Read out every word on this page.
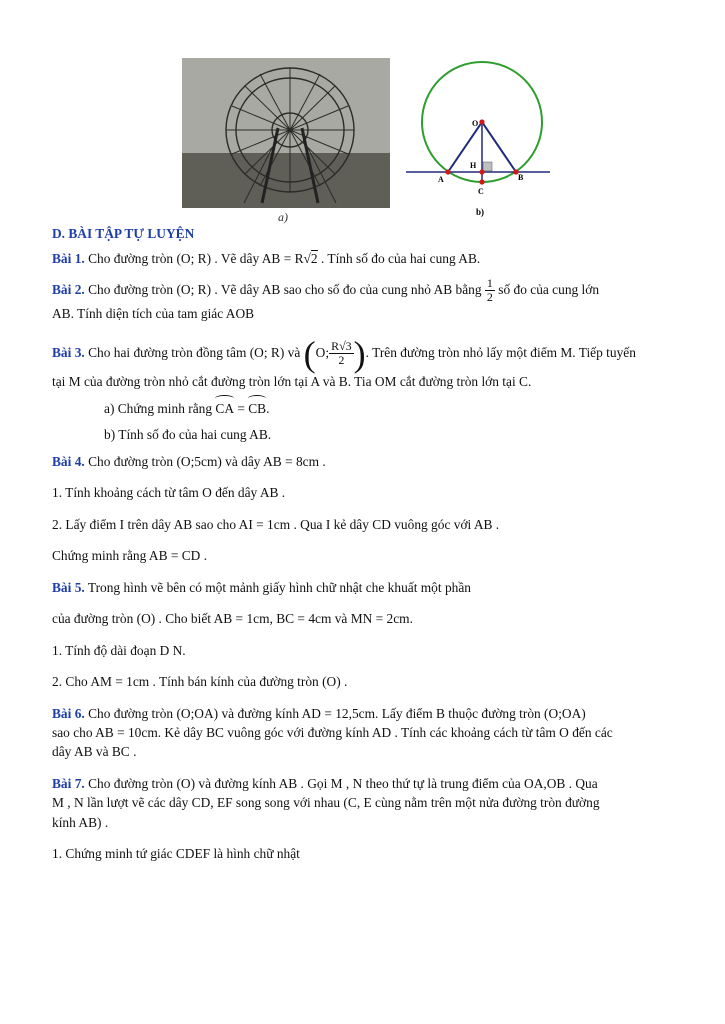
a)
O
H
A	B
C
b)
D. BÀI TẬP TỰ LUYỆN
Bài 1. Cho đường tròn (O; R) . Vẽ dây AB = R√2 . Tính số đo của hai cung AB.
Bài 2. Cho đường tròn (O; R) . Vẽ dây AB sao cho số đo của cung nhỏ AB bằng $\frac{1}{2}$ số đo của cung lớn
AB. Tính diện tích của tam giác AOB
Bài 3. Cho hai đường tròn đồng tâm (O; R) và (O; $\frac{R√3}{2}$ ). Trên đường tròn nhỏ lấy một điểm M. Tiếp tuyến
tại M của đường tròn nhỏ cắt đường tròn lớn tại A và B. Tia OM cắt đường tròn lớn tại C.
a) Chứng minh rằng CA = CB.
b) Tính số đo của hai cung AB.
Bài 4. Cho đường tròn (O;5cm) và dây AB = 8cm .
1. Tính khoảng cách từ tâm O đến dây AB .
2. Lấy điểm I trên dây AB sao cho AI = 1cm . Qua I kẻ dây CD vuông góc với AB .
Chứng minh rằng AB = CD .
Bài 5. Trong hình vẽ bên có một mảnh giấy hình chữ nhật che khuất một phần
của đường tròn (O) . Cho biết AB = 1cm, BC = 4cm và MN = 2cm.
1. Tính độ dài đoạn D N.
2. Cho AM = 1cm . Tính bán kính của đường tròn (O) .
Bài 6. Cho đường tròn (O;OA) và đường kính AD = 12,5cm. Lấy điểm B thuộc đường tròn (O;OA)
sao cho AB = 10cm. Kẻ dây BC vuông góc với đường kính AD . Tính các khoảng cách từ tâm O đến các
dây AB và BC .
Bài 7. Cho đường tròn (O) và đường kính AB . Gọi M , N theo thứ tự là trung điểm của OA,OB . Qua
M , N lần lượt vẽ các dây CD, EF song song với nhau (C, E cùng nằm trên một nửa đường tròn đường
kính AB) .
1. Chứng minh tứ giác CDEF là hình chữ nhật
